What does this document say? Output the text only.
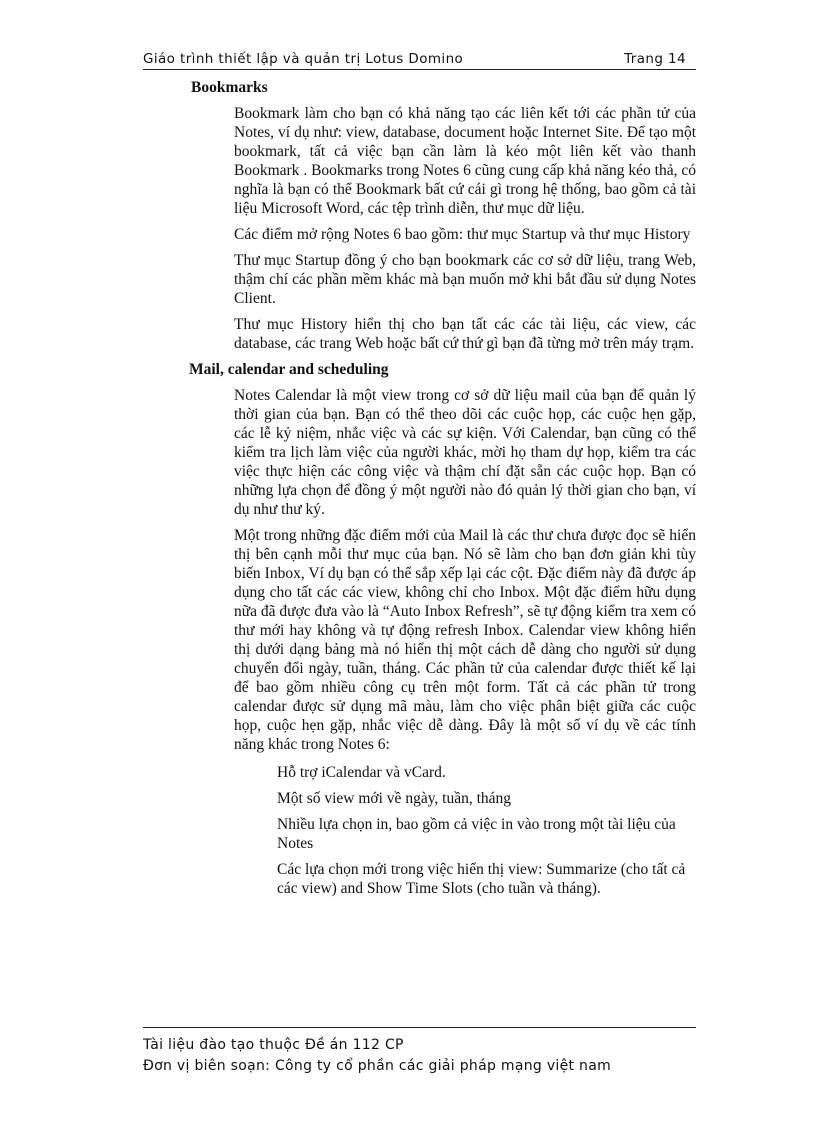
Giáo trình thiết lập và quản trị Lotus Domino	Trang 14
Bookmarks

Bookmark làm cho bạn có khả năng tạo các liên kết tới các phần tử của Notes, ví dụ như: view, database, document hoặc Internet Site. Để tạo một bookmark, tất cả việc bạn cần làm là kéo một liên kết vào thanh Bookmark . Bookmarks trong Notes 6 cũng cung cấp khả năng kéo thả, có nghĩa là bạn có thể Bookmark bất cứ cái gì trong hệ thống, bao gồm cả tài liệu Microsoft Word, các tệp trình diễn, thư mục dữ liệu.

Các điểm mở rộng Notes 6 bao gồm: thư mục Startup và thư mục History

Thư mục Startup đồng ý cho bạn bookmark các cơ sở dữ liệu, trang Web, thậm chí các phần mềm khác mà bạn muốn mở khi bắt đầu sử dụng Notes Client.

Thư mục History hiển thị cho bạn tất các các tài liệu, các view, các database, các trang Web hoặc bất cứ thứ gì bạn đã từng mở trên máy trạm.

Mail, calendar and scheduling

Notes Calendar là một view trong cơ sở dữ liệu mail của bạn để quản lý thời gian của bạn. Bạn có thể theo dõi các cuộc họp, các cuộc hẹn gặp, các lễ kỷ niệm, nhắc việc và các sự kiện. Với Calendar, bạn cũng có thể kiểm tra lịch làm việc của người khác, mời họ tham dự họp, kiểm tra các việc thực hiện các công việc và thậm chí đặt sẵn các cuộc họp. Bạn có những lựa chọn để đồng ý một người nào đó quản lý thời gian cho bạn, ví dụ như thư ký.

Một trong những đặc điểm mới của Mail là các thư chưa được đọc sẽ hiển thị bên cạnh mỗi thư mục của bạn. Nó sẽ làm cho bạn đơn giản khi tùy biến Inbox, Ví dụ bạn có thể sắp xếp lại các cột. Đặc điểm này đã được áp dụng cho tất các các view, không chỉ cho Inbox. Một đặc điểm hữu dụng nữa đã được đưa vào là “Auto Inbox Refresh”, sẽ tự động kiểm tra xem có thư mới hay không và tự động refresh Inbox. Calendar view không hiển thị dưới dạng bảng mà nó hiển thị một cách dễ dàng cho người sử dụng chuyển đổi ngày, tuần, tháng. Các phần tử của calendar được thiết kế lại để bao gồm nhiều công cụ trên một form. Tất cả các phần tử trong calendar được sử dụng mã màu, làm cho việc phân biệt giữa các cuộc họp, cuộc hẹn gặp, nhắc việc dễ dàng. Đây là một số ví dụ về các tính năng khác trong Notes 6:

Hỗ trợ iCalendar và vCard.
Một số view mới về ngày, tuần, tháng
Nhiều lựa chọn in, bao gồm cả việc in vào trong một tài liệu của Notes
Các lựa chọn mới trong việc hiển thị view: Summarize (cho tất cả các view) and Show Time Slots (cho tuần và tháng).
Tài liệu đào tạo thuộc Đề án 112 CP
Đơn vị biên soạn: Công ty cổ phần các giải pháp mạng việt nam
